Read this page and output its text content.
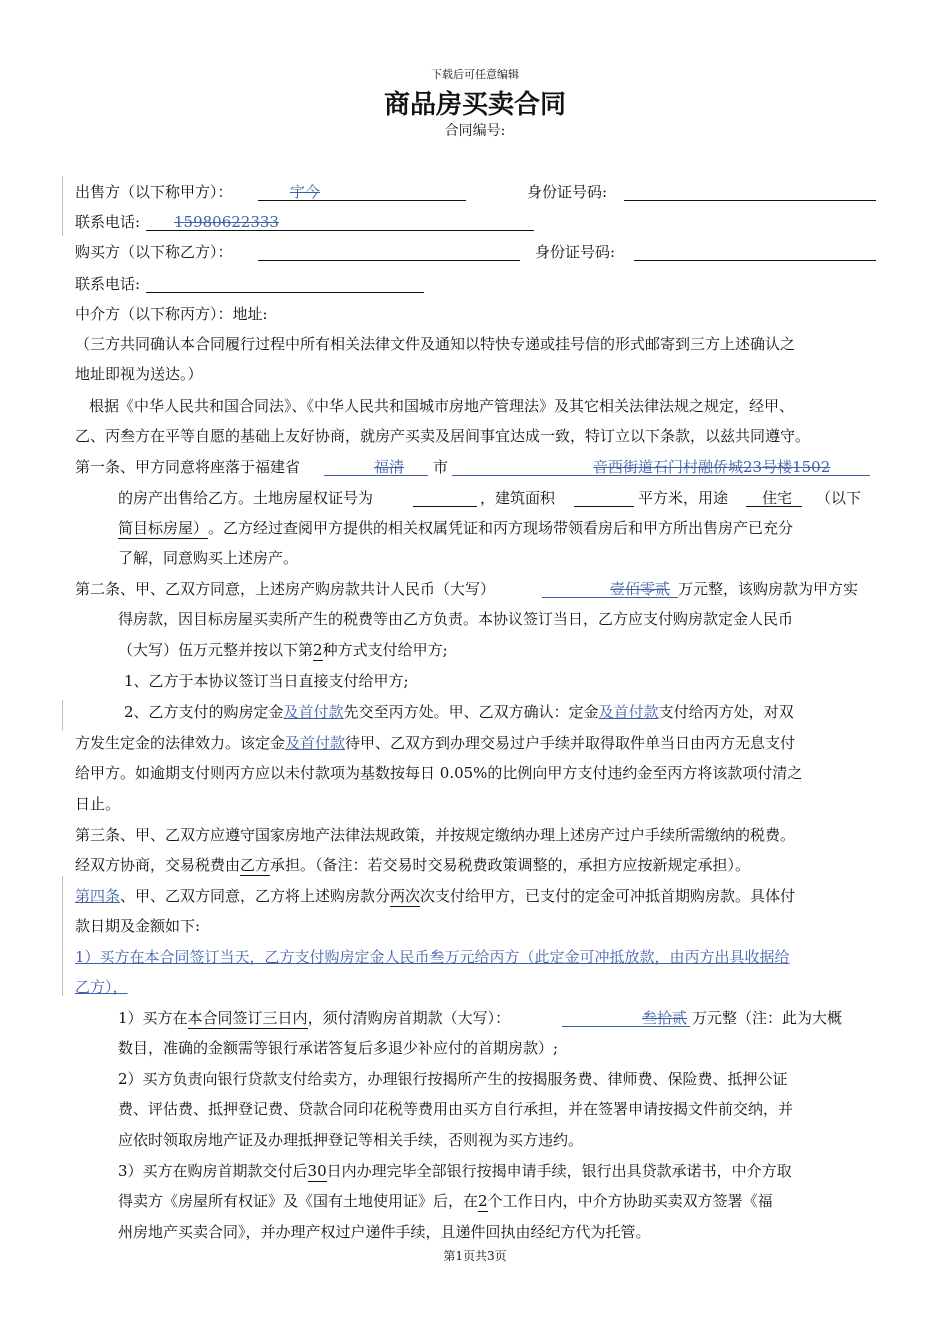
下载后可任意编辑
商品房买卖合同
合同编号:
出售方（以下称甲方）：	宇今	身份证号码:
联系电话: 15980622333
购买方（以下称乙方）：	身份证号码:
联系电话:
中介方（以下称丙方）：地址:
（三方共同确认本合同履行过程中所有相关法律文件及通知以特快专递或挂号信的形式邮寄到三方上述确认之
地址即视为送达。）
根据《中华人民共和国合同法》、《中华人民共和国城市房地产管理法》及其它相关法律法规之规定，经甲、
乙、丙叁方在平等自愿的基础上友好协商，就房产买卖及居间事宜达成一致，特订立以下条款，以兹共同遵守。
第一条、甲方同意将座落于福建省	福清 市	音西街道石门村融侨城23号楼1502
的房产出售给乙方。土地房屋权证号为	，建筑面积	平方米，用途 住宅 （以下
简目标房屋）。乙方经过查阅甲方提供的相关权属凭证和丙方现场带领看房后和甲方所出售房产已充分
了解，同意购买上述房产。
第二条、甲、乙双方同意，上述房产购房款共计人民币（大写）	壹佰零贰 万元整，该购房款为甲方实
得房款，因目标房屋买卖所产生的税费等由乙方负责。本协议签订当日，乙方应支付购房款定金人民币
（大写）伍万元整并按以下第2种方式支付给甲方;
1、乙方于本协议签订当日直接支付给甲方;
2、乙方支付的购房定金及首付款先交至丙方处。甲、乙双方确认：定金及首付款支付给丙方处，对双
方发生定金的法律效力。该定金及首付款待甲、乙双方到办理交易过户手续并取得取件单当日由丙方无息支付
给甲方。如逾期支付则丙方应以未付款项为基数按每日 0.05%的比例向甲方支付违约金至丙方将该款项付清之
日止。
第三条、甲、乙双方应遵守国家房地产法律法规政策，并按规定缴纳办理上述房产过户手续所需缴纳的税费。
经双方协商，交易税费由乙方承担。（备注：若交易时交易税费政策调整的，承担方应按新规定承担）。
第四条、甲、乙双方同意，乙方将上述购房款分两次次支付给甲方，已支付的定金可冲抵首期购房款。具体付
款日期及金额如下:
1）买方在本合同签订当天，乙方支付购房定金人民币叁万元给丙方（此定金可冲抵放款，由丙方出具收据给
乙方），
1）买方在本合同签订三日内，须付清购房首期款（大写）：	叁拾贰 万元整（注：此为大概
数目，准确的金额需等银行承诺答复后多退少补应付的首期房款）;
2）买方负责向银行贷款支付给卖方，办理银行按揭所产生的按揭服务费、律师费、保险费、抵押公证
费、评估费、抵押登记费、贷款合同印花税等费用由买方自行承担，并在签署申请按揭文件前交纳，并
应依时领取房地产证及办理抵押登记等相关手续，否则视为买方违约。
3）买方在购房首期款交付后30日内办理完毕全部银行按揭申请手续，银行出具贷款承诺书，中介方取
得卖方《房屋所有权证》及《国有土地使用证》后，在2个工作日内，中介方协助买卖双方签署《福
州房地产买卖合同》，并办理产权过户递件手续，且递件回执由经纪方代为托管。
第1页共3页
